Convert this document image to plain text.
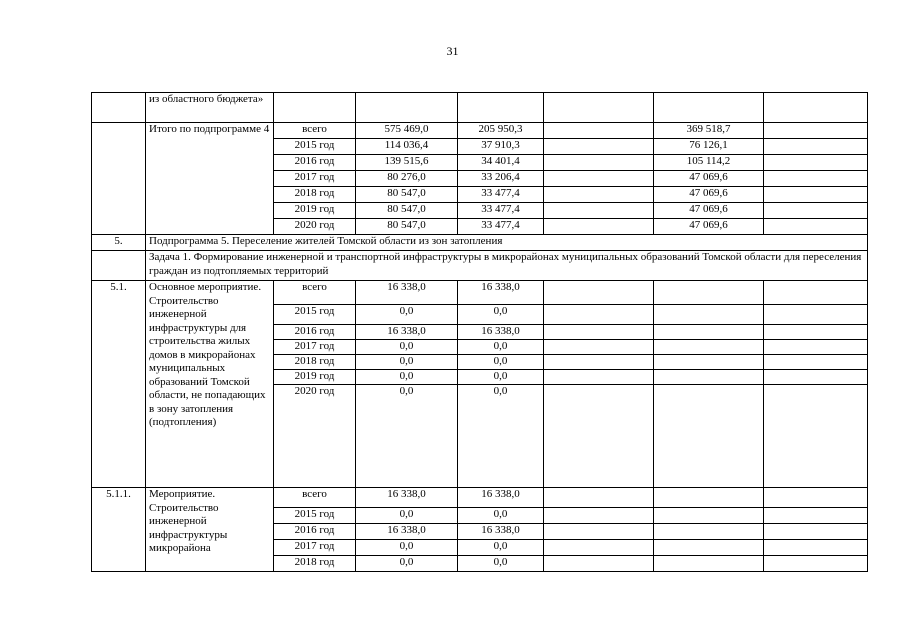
31
	из областного бюджета»						
	Итого по подпрограмме 4	всего	575 469,0	205 950,3		369 518,7	
		2015 год	114 036,4	37 910,3		76 126,1	
		2016 год	139 515,6	34 401,4		105 114,2	
		2017 год	80 276,0	33 206,4		47 069,6	
		2018 год	80 547,0	33 477,4		47 069,6	
		2019 год	80 547,0	33 477,4		47 069,6	
		2020 год	80 547,0	33 477,4		47 069,6	
5.	Подпрограмма 5. Переселение жителей Томской области из зон затопления						
	Задача 1. Формирование инженерной и транспортной инфраструктуры в микрорайонах муниципальных образований Томской области для переселения граждан из подтопляемых территорий						
5.1.	Основное мероприятие. Строительство инженерной инфраструктуры для строительства жилых домов в микрорайонах муниципальных образований Томской области, не попадающих в зону затопления (подтопления)	всего	16 338,0	16 338,0			
		2015 год	0,0	0,0			
		2016 год	16 338,0	16 338,0			
		2017 год	0,0	0,0			
		2018 год	0,0	0,0			
		2019 год	0,0	0,0			
		2020 год	0,0	0,0			
5.1.1.	Мероприятие. Строительство инженерной инфраструктуры микрорайона	всего	16 338,0	16 338,0			
		2015 год	0,0	0,0			
		2016 год	16 338,0	16 338,0			
		2017 год	0,0	0,0			
		2018 год	0,0	0,0			
